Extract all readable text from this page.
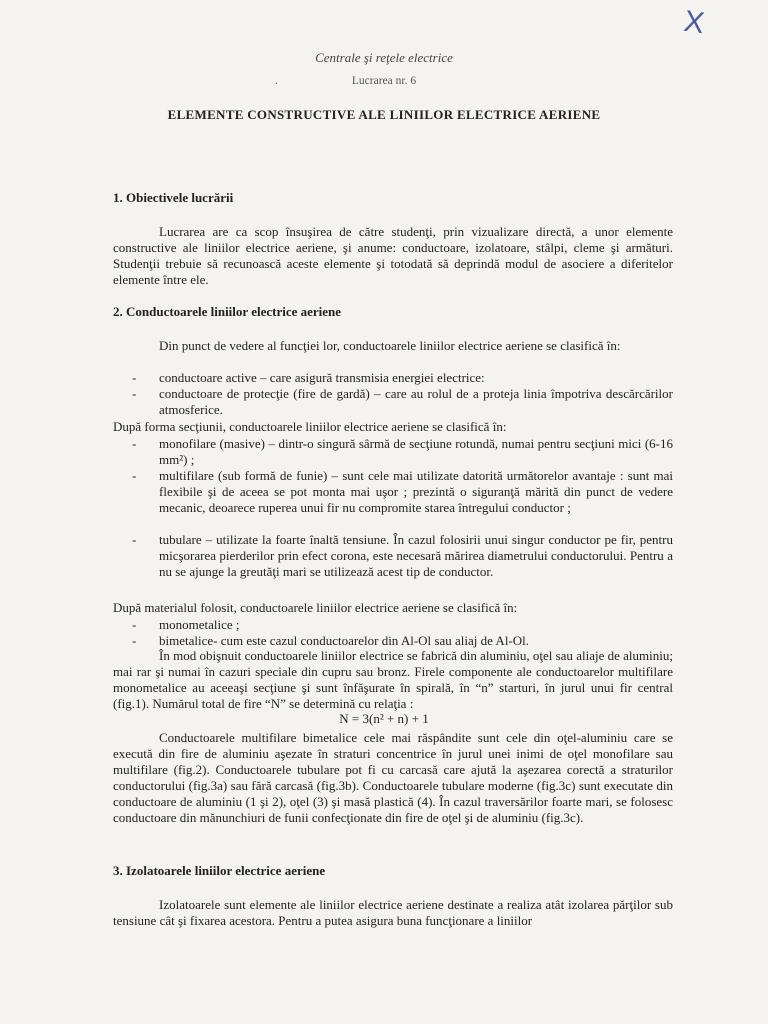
X
Centrale şi reţele electrice
.	Lucrarea nr. 6
ELEMENTE CONSTRUCTIVE ALE LINIILOR ELECTRICE AERIENE
1. Obiectivele lucrării
Lucrarea are ca scop însuşirea de către studenţi, prin vizualizare directă, a unor elemente constructive ale liniilor electrice aeriene, şi anume: conductoare, izolatoare, stâlpi, cleme şi armături. Studenţii trebuie să recunoască aceste elemente şi totodată să deprindă modul de asociere a diferitelor elemente între ele.
2. Conductoarele liniilor electrice aeriene
Din punct de vedere al funcţiei lor, conductoarele liniilor electrice aeriene se clasifică în:
- conductoare active – care asigură transmisia energiei electrice:
- conductoare de protecţie (fire de gardă) – care au rolul de a proteja linia împotriva descărcărilor atmosferice.
După forma secţiunii, conductoarele liniilor electrice aeriene se clasifică în:
- monofilare (masive) – dintr-o singură sârmă de secţiune rotundă, numai pentru secţiuni mici (6-16 mm²) ;
- multifilare (sub formă de funie) – sunt cele mai utilizate datorită următorelor avantaje : sunt mai flexibile şi de aceea se pot monta mai uşor ; prezintă o siguranţă mărită din punct de vedere mecanic, deoarece ruperea unui fir nu compromite starea întregului conductor ;
- tubulare – utilizate la foarte înaltă tensiune. În cazul folosirii unui singur conductor pe fir, pentru micşorarea pierderilor prin efect corona, este necesară mărirea diametrului conductorului. Pentru a nu se ajunge la greutăţi mari se utilizează acest tip de conductor.
După materialul folosit, conductoarele liniilor electrice aeriene se clasifică în:
- monometalice ;
- bimetalice- cum este cazul conductoarelor din Al-Ol sau aliaj de Al-Ol.
În mod obişnuit conductoarele liniilor electrice se fabrică din aluminiu, oţel sau aliaje de aluminiu; mai rar şi numai în cazuri speciale din cupru sau bronz. Firele componente ale conductoarelor multifilare monometalice au aceeaşi secţiune şi sunt înfăşurate în spirală, în “n” starturi, în jurul unui fir central (fig.1). Numărul total de fire “N” se determină cu relaţia :
N = 3(n² + n) + 1
Conductoarele multifilare bimetalice cele mai răspândite sunt cele din oţel-aluminiu care se execută din fire de aluminiu aşezate în straturi concentrice în jurul unei inimi de oţel monofilare sau multifilare (fig.2). Conductoarele tubulare pot fi cu carcasă care ajută la aşezarea corectă a straturilor conductorului (fig.3a) sau fără carcasă (fig.3b). Conductoarele tubulare moderne (fig.3c) sunt executate din conductoare de aluminiu (1 şi 2), oţel (3) şi masă plastică (4). În cazul traversărilor foarte mari, se folosesc conductoare din mănunchiuri de funii confecţionate din fire de oţel şi de aluminiu (fig.3c).
3. Izolatoarele liniilor electrice aeriene
Izolatoarele sunt elemente ale liniilor electrice aeriene destinate a realiza atât izolarea părţilor sub tensiune cât şi fixarea acestora. Pentru a putea asigura buna funcţionare a liniilor
